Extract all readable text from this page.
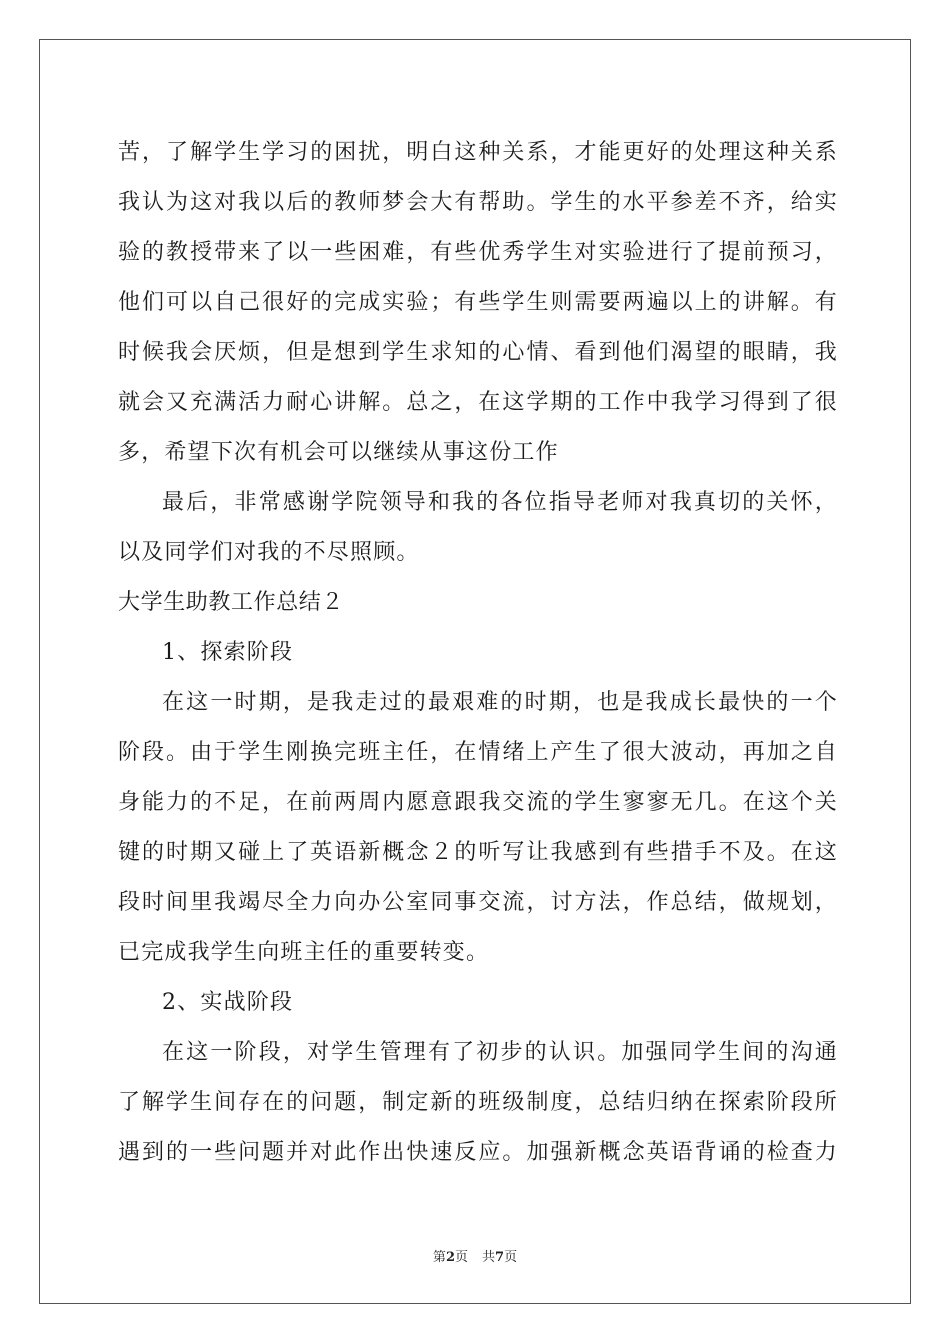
苦，了解学生学习的困扰，明白这种关系，才能更好的处理这种关系
我认为这对我以后的教师梦会大有帮助。学生的水平参差不齐，给实
验的教授带来了以一些困难，有些优秀学生对实验进行了提前预习，
他们可以自己很好的完成实验；有些学生则需要两遍以上的讲解。有
时候我会厌烦，但是想到学生求知的心情、看到他们渴望的眼睛，我
就会又充满活力耐心讲解。总之，在这学期的工作中我学习得到了很
多，希望下次有机会可以继续从事这份工作
最后，非常感谢学院领导和我的各位指导老师对我真切的关怀，
以及同学们对我的不尽照顾。
大学生助教工作总结２
1、探索阶段
在这一时期，是我走过的最艰难的时期，也是我成长最快的一个
阶段。由于学生刚换完班主任，在情绪上产生了很大波动，再加之自
身能力的不足，在前两周内愿意跟我交流的学生寥寥无几。在这个关
键的时期又碰上了英语新概念２的听写让我感到有些措手不及。在这
段时间里我竭尽全力向办公室同事交流，讨方法，作总结，做规划，
已完成我学生向班主任的重要转变。
2、实战阶段
在这一阶段，对学生管理有了初步的认识。加强同学生间的沟通
了解学生间存在的问题，制定新的班级制度，总结归纳在探索阶段所
遇到的一些问题并对此作出快速反应。加强新概念英语背诵的检查力
第2页 共7页
